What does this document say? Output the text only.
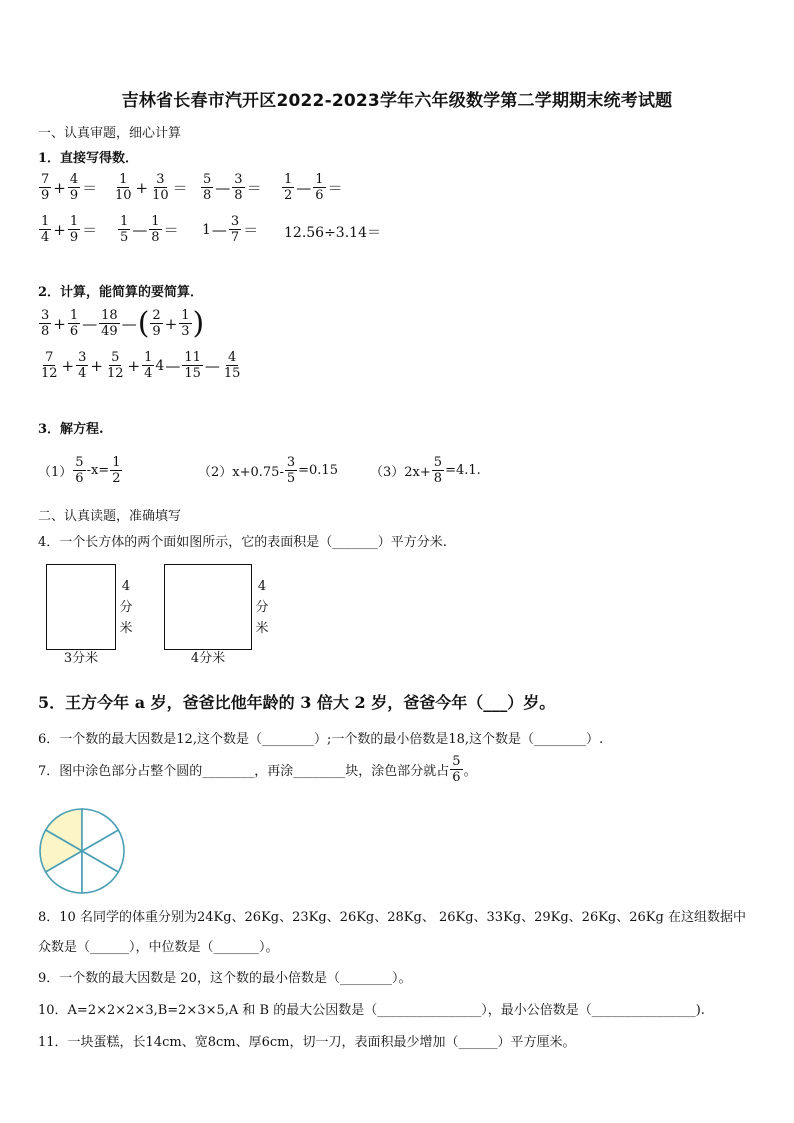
吉林省长春市汽开区2022-2023学年六年级数学第二学期期末统考试题
一、认真审题，细心计算
1．直接写得数．
$\frac{7}{9} + \frac{4}{9} = \frac{1}{10} + \frac{3}{10} = \frac{5}{8}$ — $\frac{3}{8} = \frac{1}{2}$ — $\frac{1}{6}$ ＝
$\frac{1}{4} + \frac{1}{9} = \frac{1}{5}$ — $\frac{1}{8} = 1$ — $\frac{3}{7} = 12.56\div 3.14=$
2．计算，能简算的要简算．
$\frac{3}{8} + \frac{1}{6}$ — $\frac{18}{49}$ — ( $\frac{2}{9} + \frac{1}{3}$ )
$\frac{7}{12} + \frac{3}{4} + \frac{5}{12} + \frac{1}{4} 4$ — $\frac{11}{15}$ — $\frac{4}{15}$
3．解方程.
$(1) \frac{5}{6} -x= \frac{1}{2}$	$(2)x+0.75- \frac{3}{5} =0.15$ $(3)2x+ \frac{5}{8} =4.1$.
二、认真读题，准确填写
4．一个长方体的两个面如图所示，它的表面积是（_______）平方分米.
4
分
米
3分米
4
分
米
4分米
5．王方今年 a 岁，爸爸比他年龄的 3 倍大 2 岁，爸爸今年（___）岁。
6．一个数的最大因数是12,这个数是（________）;一个数的最小倍数是18,这个数是（________）.
7．图中涂色部分占整个圆的________，再涂________块，涂色部分就占 $\frac{5}{6}$ 。
8．10 名同学的体重分别为24Kg、26Kg、23Kg、26Kg、28Kg、 26Kg、33Kg、29Kg、26Kg、26Kg 在这组数据中
众数是（______），中位数是（_______）。
9．一个数的最大因数是 20，这个数的最小倍数是（________）。
10．A=2×2×2×3,B=2×3×5,A 和 B 的最大公因数是（________________），最小公倍数是（________________).
11．一块蛋糕，长14cm、宽8cm、厚6cm，切一刀，表面积最少增加（______）平方厘米。
